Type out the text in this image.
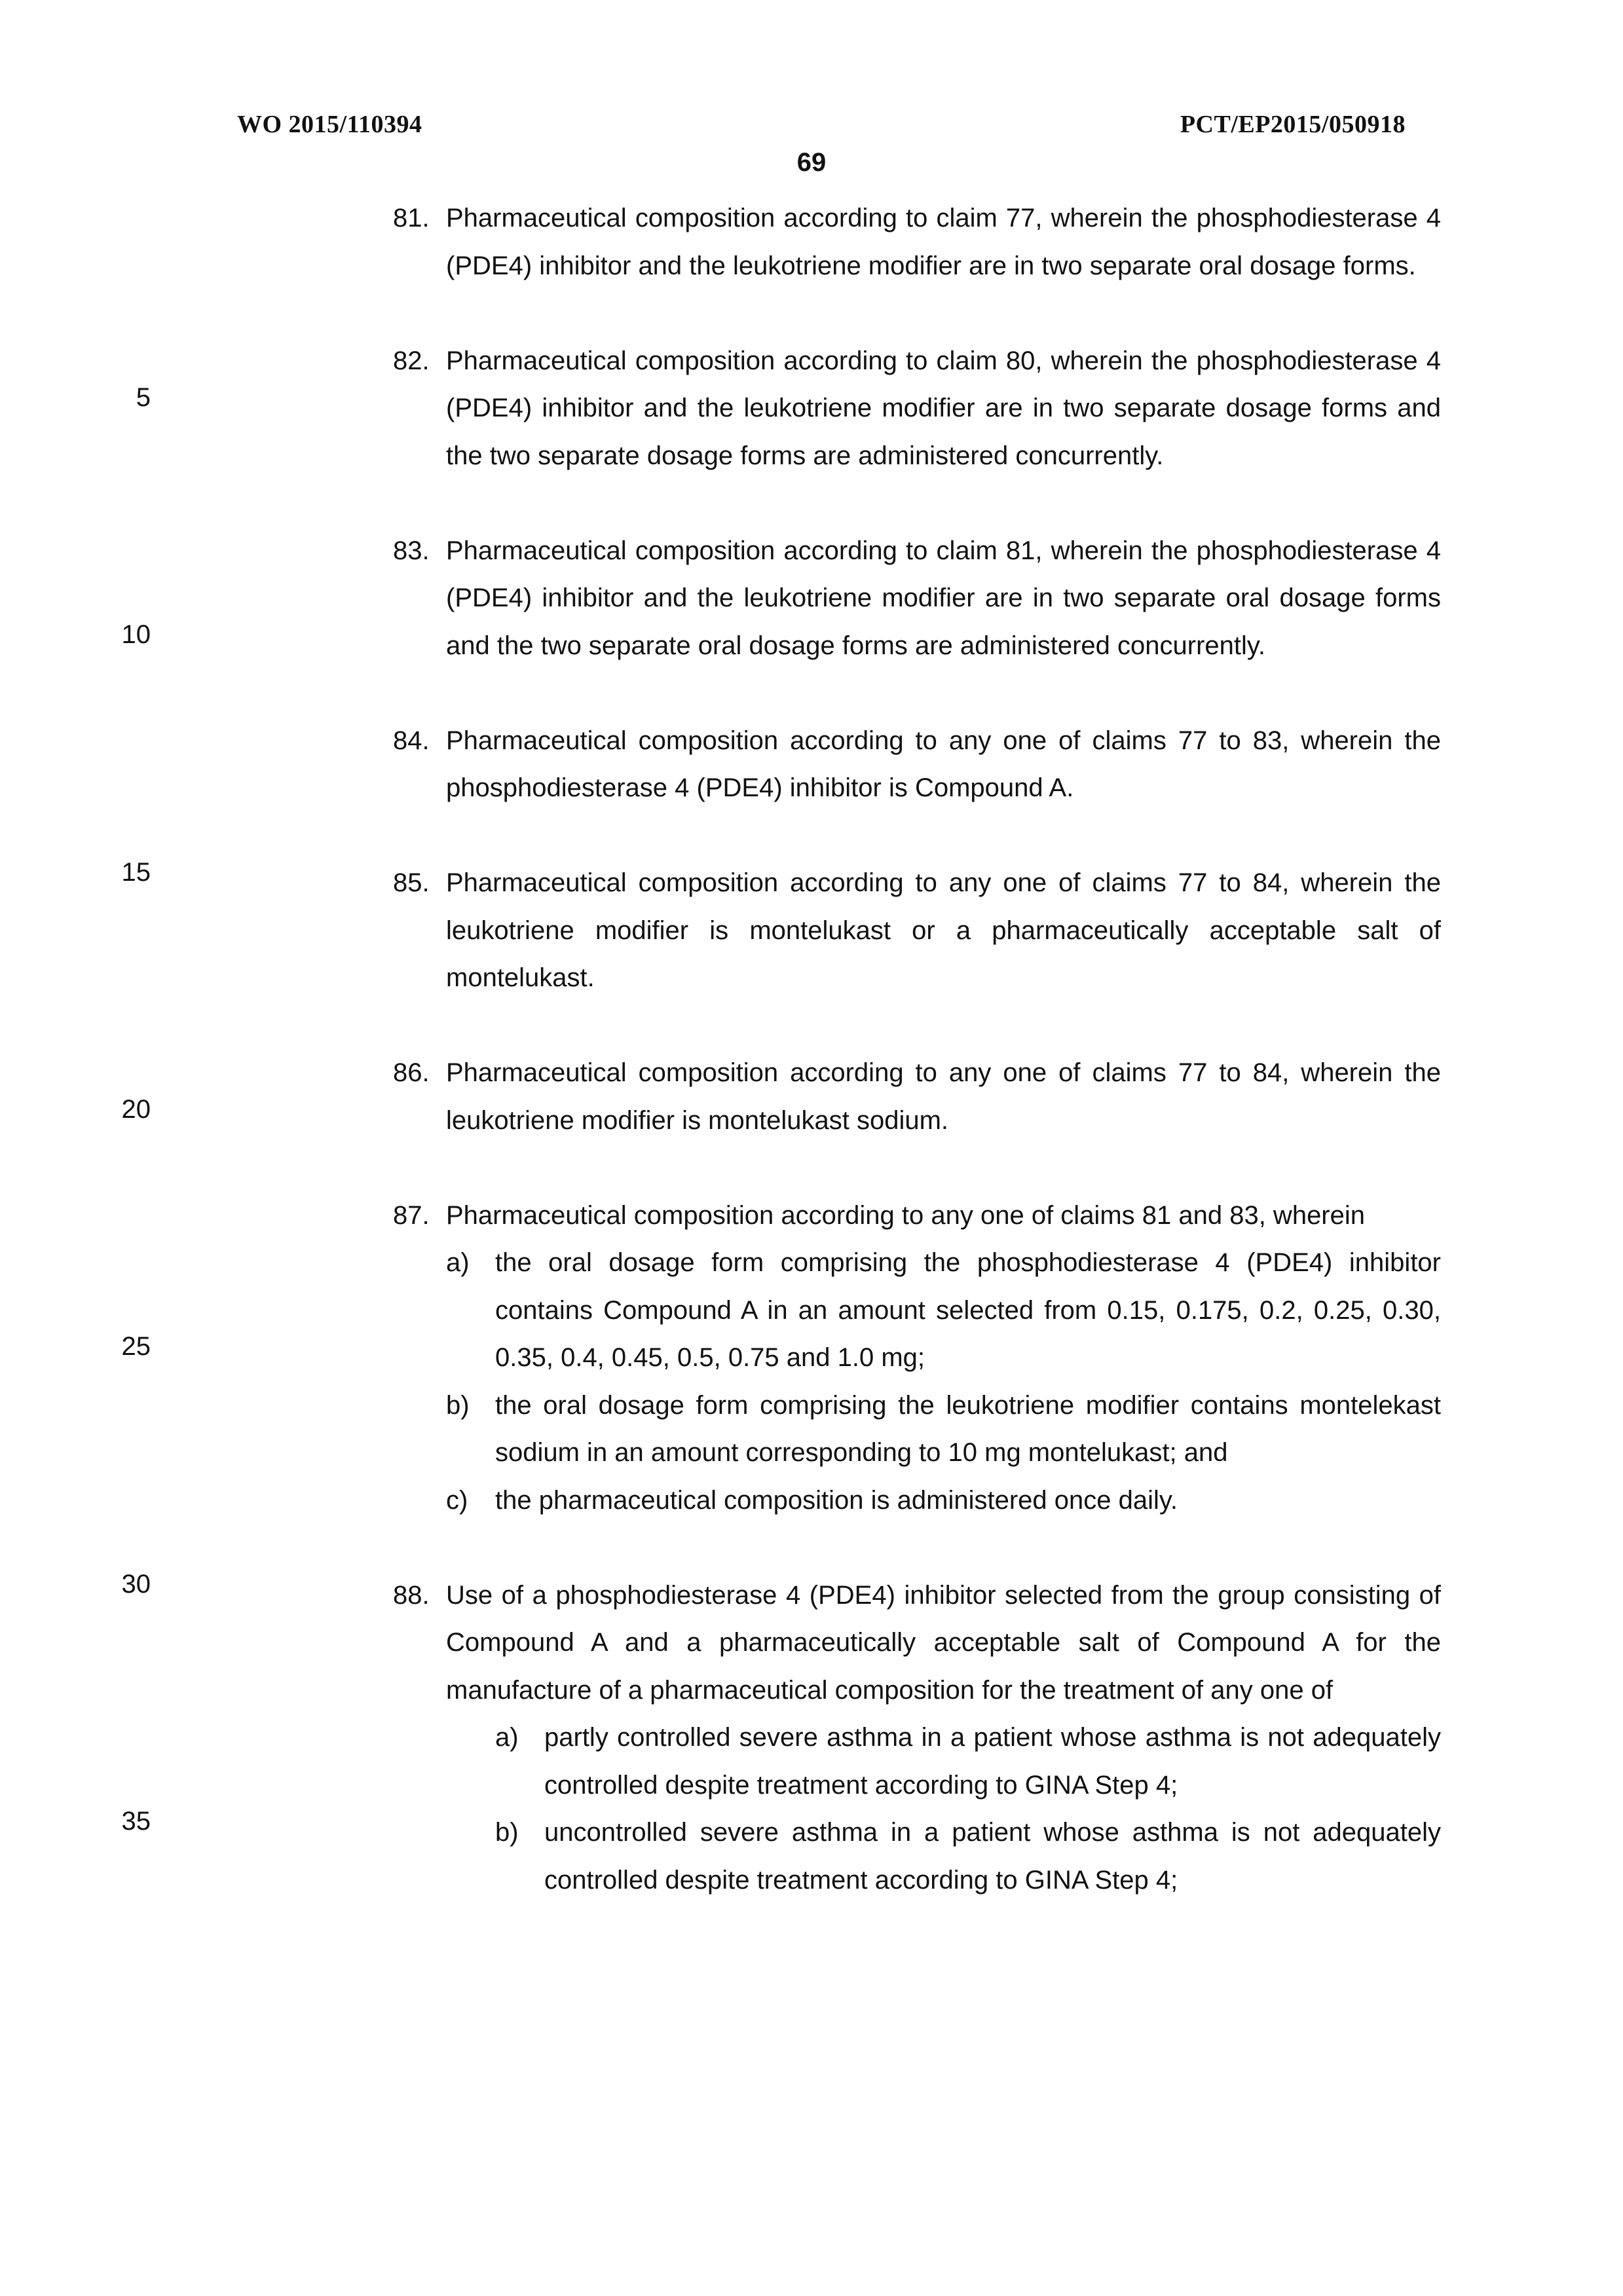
WO 2015/110394	PCT/EP2015/050918
69
5
10
15
20
25
30
35
81. Pharmaceutical composition according to claim 77, wherein the phosphodiesterase 4 (PDE4) inhibitor and the leukotriene modifier are in two separate oral dosage forms.
82. Pharmaceutical composition according to claim 80, wherein the phosphodiesterase 4 (PDE4) inhibitor and the leukotriene modifier are in two separate dosage forms and the two separate dosage forms are administered concurrently.
83. Pharmaceutical composition according to claim 81, wherein the phosphodiesterase 4 (PDE4) inhibitor and the leukotriene modifier are in two separate oral dosage forms and the two separate oral dosage forms are administered concurrently.
84. Pharmaceutical composition according to any one of claims 77 to 83, wherein the phosphodiesterase 4 (PDE4) inhibitor is Compound A.
85. Pharmaceutical composition according to any one of claims 77 to 84, wherein the leukotriene modifier is montelukast or a pharmaceutically acceptable salt of montelukast.
86. Pharmaceutical composition according to any one of claims 77 to 84, wherein the leukotriene modifier is montelukast sodium.
87. Pharmaceutical composition according to any one of claims 81 and 83, wherein
a) the oral dosage form comprising the phosphodiesterase 4 (PDE4) inhibitor contains Compound A in an amount selected from 0.15, 0.175, 0.2, 0.25, 0.30, 0.35, 0.4, 0.45, 0.5, 0.75 and 1.0 mg;
b) the oral dosage form comprising the leukotriene modifier contains montelekast sodium in an amount corresponding to 10 mg montelukast; and
c) the pharmaceutical composition is administered once daily.
88. Use of a phosphodiesterase 4 (PDE4) inhibitor selected from the group consisting of Compound A and a pharmaceutically acceptable salt of Compound A for the manufacture of a pharmaceutical composition for the treatment of any one of
a) partly controlled severe asthma in a patient whose asthma is not adequately controlled despite treatment according to GINA Step 4;
b) uncontrolled severe asthma in a patient whose asthma is not adequately controlled despite treatment according to GINA Step 4;
